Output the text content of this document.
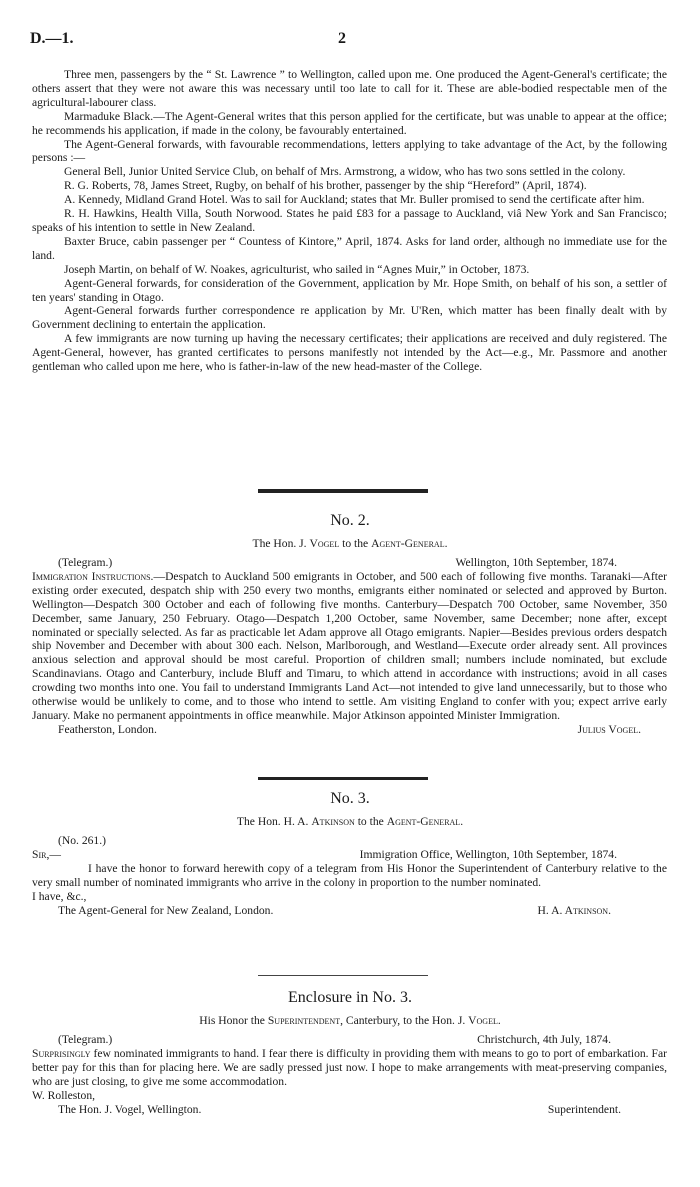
D.—1.	2

Three men, passengers by the “ St. Lawrence ” to Wellington, called upon me. One produced the Agent-General's certificate; the others assert that they were not aware this was necessary until too late to call for it. These are able-bodied respectable men of the agricultural-labourer class.

Marmaduke Black.—The Agent-General writes that this person applied for the certificate, but was unable to appear at the office; he recommends his application, if made in the colony, be favourably entertained.

The Agent-General forwards, with favourable recommendations, letters applying to take advantage of the Act, by the following persons :—

General Bell, Junior United Service Club, on behalf of Mrs. Armstrong, a widow, who has two sons settled in the colony.

R. G. Roberts, 78, James Street, Rugby, on behalf of his brother, passenger by the ship “Hereford” (April, 1874).

A. Kennedy, Midland Grand Hotel. Was to sail for Auckland; states that Mr. Buller promised to send the certificate after him.

R. H. Hawkins, Health Villa, South Norwood. States he paid £83 for a passage to Auckland, viâ New York and San Francisco; speaks of his intention to settle in New Zealand.

Baxter Bruce, cabin passenger per “ Countess of Kintore,” April, 1874. Asks for land order, although no immediate use for the land.

Joseph Martin, on behalf of W. Noakes, agriculturist, who sailed in “Agnes Muir,” in October, 1873.

Agent-General forwards, for consideration of the Government, application by Mr. Hope Smith, on behalf of his son, a settler of ten years' standing in Otago.

Agent-General forwards further correspondence re application by Mr. U'Ren, which matter has been finally dealt with by Government declining to entertain the application.

A few immigrants are now turning up having the necessary certificates; their applications are received and duly registered. The Agent-General, however, has granted certificates to persons manifestly not intended by the Act—e.g., Mr. Passmore and another gentleman who called upon me here, who is father-in-law of the new head-master of the College.

No. 2.
The Hon. J. Vogel to the Agent-General.
(Telegram.)	Wellington, 10th September, 1874.

Immigration Instructions.—Despatch to Auckland 500 emigrants in October, and 500 each of following five months. Taranaki—After existing order executed, despatch ship with 250 every two months, emigrants either nominated or selected and approved by Burton. Wellington—Despatch 300 October and each of following five months. Canterbury—Despatch 700 October, same November, 350 December, same January, 250 February. Otago—Despatch 1,200 October, same November, same December; none after, except nominated or specially selected. As far as practicable let Adam approve all Otago emigrants. Napier—Besides previous orders despatch ship November and December with about 300 each. Nelson, Marlborough, and Westland—Execute order already sent. All provinces anxious selection and approval should be most careful. Proportion of children small; numbers include nominated, but exclude Scandinavians. Otago and Canterbury, include Bluff and Timaru, to which attend in accordance with instructions; avoid in all cases crowding two months into one. You fail to understand Immigrants Land Act—not intended to give land unnecessarily, but to those who otherwise would be unlikely to come, and to those who intend to settle. Am visiting England to confer with you; expect arrive early January. Make no permanent appointments in office meanwhile. Major Atkinson appointed Minister Immigration.

Featherston, London.	Julius Vogel.
No. 3.
The Hon. H. A. Atkinson to the Agent-General.

(No. 261.)

Sir,—	Immigration Office, Wellington, 10th September, 1874.

I have the honor to forward herewith copy of a telegram from His Honor the Superintendent of Canterbury relative to the very small number of nominated immigrants who arrive in the colony in proportion to the number nominated.

I have, &c.,

The Agent-General for New Zealand, London.	H. A. Atkinson.
Enclosure in No. 3.
His Honor the Superintendent, Canterbury, to the Hon. J. Vogel.
(Telegram.)	Christchurch, 4th July, 1874.

Surprisingly few nominated immigrants to hand. I fear there is difficulty in providing them with means to go to port of embarkation. Far better pay for this than for placing here. We are sadly pressed just now. I hope to make arrangements with meat-preserving companies, who are just closing, to give me some accommodation.

W. Rolleston,

The Hon. J. Vogel, Wellington.	Superintendent.
